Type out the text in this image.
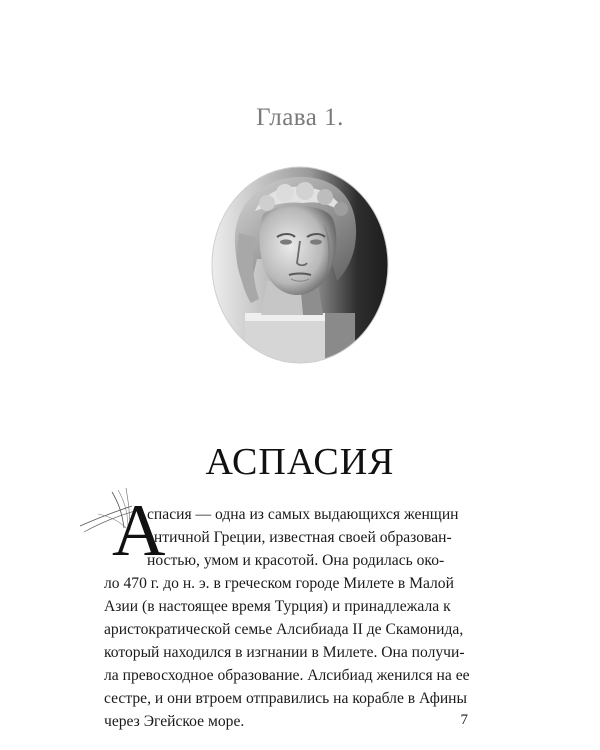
Глава 1.
АСПАСИЯ
А
спасия — одна из самых выдающихся женщин
античной Греции, известная своей образован-
ностью, умом и красотой. Она родилась око-
ло 470 г. до н. э. в греческом городе Милете в Малой
Азии (в настоящее время Турция) и принадлежала к
аристократической семье Алсибиада II де Скамонида,
который находился в изгнании в Милете. Она получи-
ла превосходное образование. Алсибиад женился на ее
сестре, и они втроем отправились на корабле в Афины
через Эгейское море.	7
